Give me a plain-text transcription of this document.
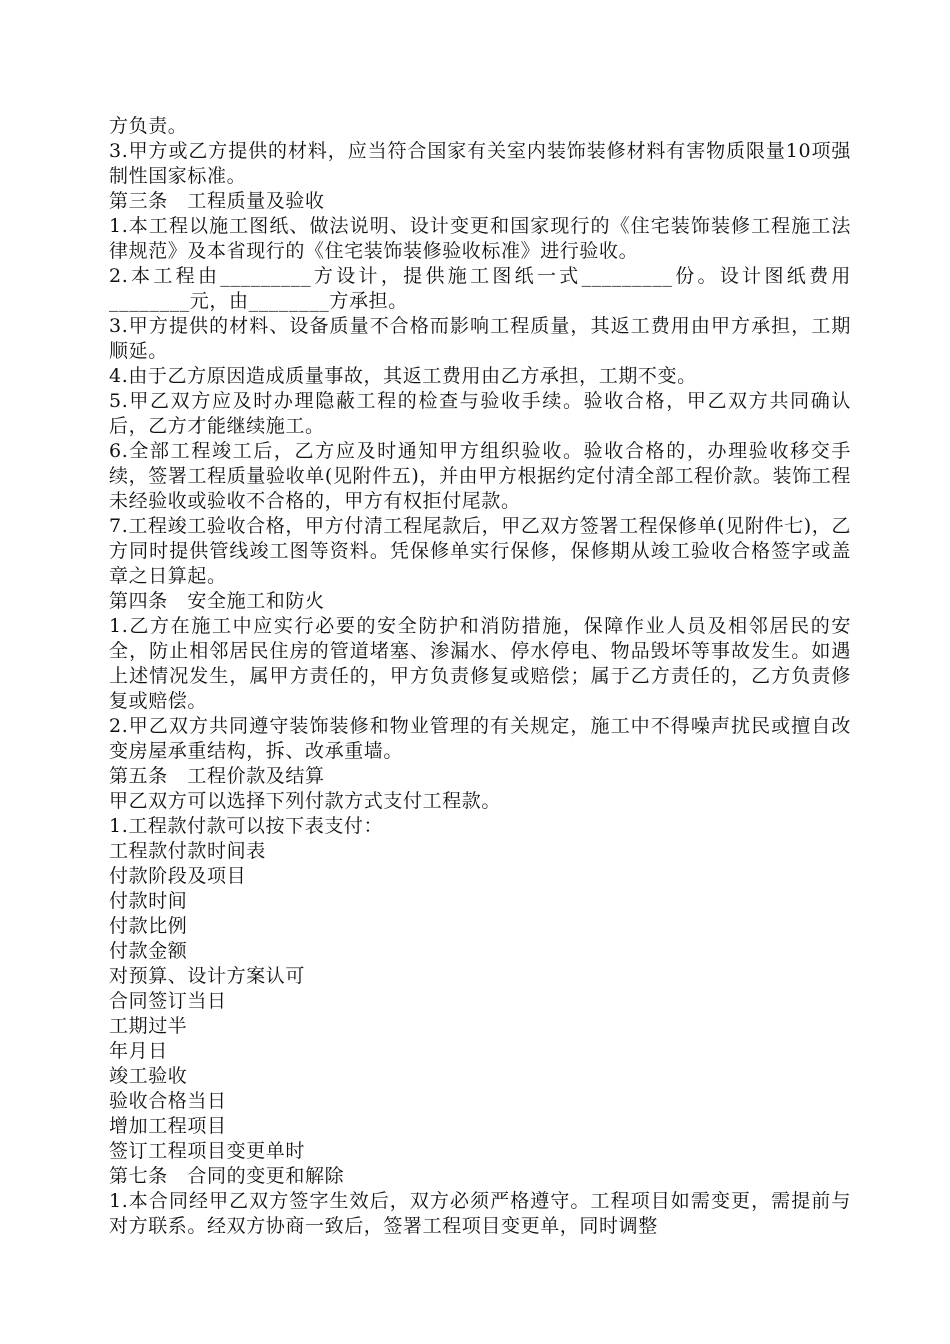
方负责。

3.甲方或乙方提供的材料，应当符合国家有关室内装饰装修材料有害物质限量10项强制性国家标准。

第三条　工程质量及验收

1.本工程以施工图纸、做法说明、设计变更和国家现行的《住宅装饰装修工程施工法律规范》及本省现行的《住宅装饰装修验收标准》进行验收。

2.本工程由_________方设计，提供施工图纸一式_________份。设计图纸费用________元，由________方承担。

3.甲方提供的材料、设备质量不合格而影响工程质量，其返工费用由甲方承担，工期顺延。

4.由于乙方原因造成质量事故，其返工费用由乙方承担，工期不变。

5.甲乙双方应及时办理隐蔽工程的检查与验收手续。验收合格，甲乙双方共同确认后，乙方才能继续施工。

6.全部工程竣工后，乙方应及时通知甲方组织验收。验收合格的，办理验收移交手续，签署工程质量验收单(见附件五)，并由甲方根据约定付清全部工程价款。装饰工程未经验收或验收不合格的，甲方有权拒付尾款。

7.工程竣工验收合格，甲方付清工程尾款后，甲乙双方签署工程保修单(见附件七)，乙方同时提供管线竣工图等资料。凭保修单实行保修，保修期从竣工验收合格签字或盖章之日算起。

第四条　安全施工和防火

1.乙方在施工中应实行必要的安全防护和消防措施，保障作业人员及相邻居民的安全，防止相邻居民住房的管道堵塞、渗漏水、停水停电、物品毁坏等事故发生。如遇上述情况发生，属甲方责任的，甲方负责修复或赔偿；属于乙方责任的，乙方负责修复或赔偿。

2.甲乙双方共同遵守装饰装修和物业管理的有关规定，施工中不得噪声扰民或擅自改变房屋承重结构，拆、改承重墙。

第五条　工程价款及结算

甲乙双方可以选择下列付款方式支付工程款。

1.工程款付款可以按下表支付：

工程款付款时间表

付款阶段及项目

付款时间

付款比例

付款金额

对预算、设计方案认可

合同签订当日

工期过半

年月日

竣工验收

验收合格当日

增加工程项目

签订工程项目变更单时

第七条　合同的变更和解除

1.本合同经甲乙双方签字生效后，双方必须严格遵守。工程项目如需变更，需提前与对方联系。经双方协商一致后，签署工程项目变更单，同时调整
